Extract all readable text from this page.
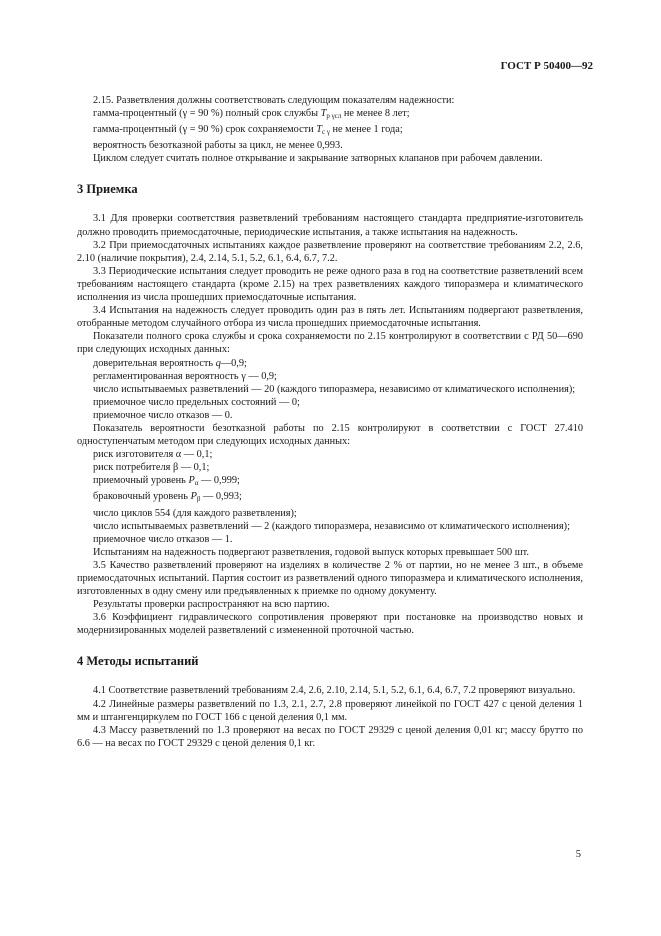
ГОСТ Р 50400—92

2.15. Разветвления должны соответствовать следующим показателям надежности:

гамма-процентный (γ = 90 %) полный срок службы $T_{р \gamma сл}$ не менее 8 лет;

гамма-процентный (γ = 90 %) срок сохраняемости $T_{с \gamma}$ не менее 1 года;

вероятность безотказной работы за цикл, не менее 0,993.

Циклом следует считать полное открывание и закрывание затворных клапанов при рабочем давлении.

3 Приемка

3.1 Для проверки соответствия разветвлений требованиям настоящего стандарта предприятие-изготовитель должно проводить приемосдаточные, периодические испытания, а также испытания на надежность.

3.2 При приемосдаточных испытаниях каждое разветвление проверяют на соответствие требованиям 2.2, 2.6, 2.10 (наличие покрытия), 2.4, 2.14, 5.1, 5.2, 6.1, 6.4, 6.7, 7.2.

3.3 Периодические испытания следует проводить не реже одного раза в год на соответствие разветвлений всем требованиям настоящего стандарта (кроме 2.15) на трех разветвлениях каждого типоразмера и климатического исполнения из числа прошедших приемосдаточные испытания.

3.4 Испытания на надежность следует проводить один раз в пять лет. Испытаниям подвергают разветвления, отобранные методом случайного отбора из числа прошедших приемосдаточные испытания.

Показатели полного срока службы и срока сохраняемости по 2.15 контролируют в соответствии с РД 50—690 при следующих исходных данных:

доверительная вероятность q—0,9;

регламентированная вероятность γ — 0,9;

число испытываемых разветвлений — 20 (каждого типоразмера, независимо от климатического исполнения);

приемочное число предельных состояний — 0;

приемочное число отказов — 0.

Показатель вероятности безотказной работы по 2.15 контролируют в соответствии с ГОСТ 27.410 одноступенчатым методом при следующих исходных данных:

риск изготовителя α — 0,1;

риск потребителя β — 0,1;

приемочный уровень $P_\alpha$ — 0,999;

браковочный уровень $P_\beta$ — 0,993;

число циклов 554 (для каждого разветвления);

число испытываемых разветвлений — 2 (каждого типоразмера, независимо от климатического исполнения);

приемочное число отказов — 1.

Испытаниям на надежность подвергают разветвления, годовой выпуск которых превышает 500 шт.

3.5 Качество разветвлений проверяют на изделиях в количестве 2 % от партии, но не менее 3 шт., в объеме приемосдаточных испытаний. Партия состоит из разветвлений одного типоразмера и климатического исполнения, изготовленных в одну смену или предъявленных к приемке по одному документу.

Результаты проверки распространяют на всю партию.

3.6 Коэффициент гидравлического сопротивления проверяют при постановке на производство новых и модернизированных моделей разветвлений с измененной проточной частью.

4 Методы испытаний

4.1 Соответствие разветвлений требованиям 2.4, 2.6, 2.10, 2.14, 5.1, 5.2, 6.1, 6.4, 6.7, 7.2 проверяют визуально.

4.2 Линейные размеры разветвлений по 1.3, 2.1, 2.7, 2.8 проверяют линейкой по ГОСТ 427 с ценой деления 1 мм и штангенциркулем по ГОСТ 166 с ценой деления 0,1 мм.

4.3 Массу разветвлений по 1.3 проверяют на весах по ГОСТ 29329 с ценой деления 0,01 кг; массу брутто по 6.6 — на весах по ГОСТ 29329 с ценой деления 0,1 кг.

5
